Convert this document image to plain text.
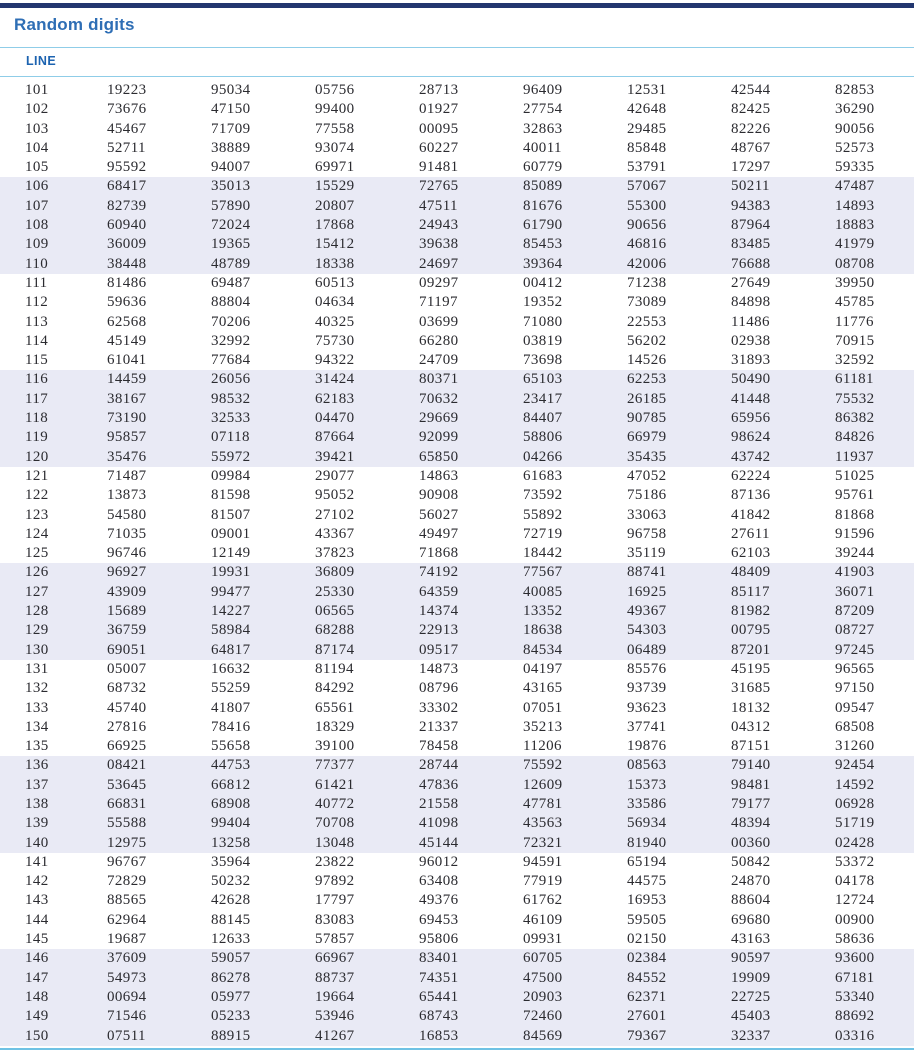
Random digits
LINE
101	19223	95034	05756	28713	96409	12531	42544	82853
102	73676	47150	99400	01927	27754	42648	82425	36290
103	45467	71709	77558	00095	32863	29485	82226	90056
104	52711	38889	93074	60227	40011	85848	48767	52573
105	95592	94007	69971	91481	60779	53791	17297	59335
106	68417	35013	15529	72765	85089	57067	50211	47487
107	82739	57890	20807	47511	81676	55300	94383	14893
108	60940	72024	17868	24943	61790	90656	87964	18883
109	36009	19365	15412	39638	85453	46816	83485	41979
110	38448	48789	18338	24697	39364	42006	76688	08708
111	81486	69487	60513	09297	00412	71238	27649	39950
112	59636	88804	04634	71197	19352	73089	84898	45785
113	62568	70206	40325	03699	71080	22553	11486	11776
114	45149	32992	75730	66280	03819	56202	02938	70915
115	61041	77684	94322	24709	73698	14526	31893	32592
116	14459	26056	31424	80371	65103	62253	50490	61181
117	38167	98532	62183	70632	23417	26185	41448	75532
118	73190	32533	04470	29669	84407	90785	65956	86382
119	95857	07118	87664	92099	58806	66979	98624	84826
120	35476	55972	39421	65850	04266	35435	43742	11937
121	71487	09984	29077	14863	61683	47052	62224	51025
122	13873	81598	95052	90908	73592	75186	87136	95761
123	54580	81507	27102	56027	55892	33063	41842	81868
124	71035	09001	43367	49497	72719	96758	27611	91596
125	96746	12149	37823	71868	18442	35119	62103	39244
126	96927	19931	36809	74192	77567	88741	48409	41903
127	43909	99477	25330	64359	40085	16925	85117	36071
128	15689	14227	06565	14374	13352	49367	81982	87209
129	36759	58984	68288	22913	18638	54303	00795	08727
130	69051	64817	87174	09517	84534	06489	87201	97245
131	05007	16632	81194	14873	04197	85576	45195	96565
132	68732	55259	84292	08796	43165	93739	31685	97150
133	45740	41807	65561	33302	07051	93623	18132	09547
134	27816	78416	18329	21337	35213	37741	04312	68508
135	66925	55658	39100	78458	11206	19876	87151	31260
136	08421	44753	77377	28744	75592	08563	79140	92454
137	53645	66812	61421	47836	12609	15373	98481	14592
138	66831	68908	40772	21558	47781	33586	79177	06928
139	55588	99404	70708	41098	43563	56934	48394	51719
140	12975	13258	13048	45144	72321	81940	00360	02428
141	96767	35964	23822	96012	94591	65194	50842	53372
142	72829	50232	97892	63408	77919	44575	24870	04178
143	88565	42628	17797	49376	61762	16953	88604	12724
144	62964	88145	83083	69453	46109	59505	69680	00900
145	19687	12633	57857	95806	09931	02150	43163	58636
146	37609	59057	66967	83401	60705	02384	90597	93600
147	54973	86278	88737	74351	47500	84552	19909	67181
148	00694	05977	19664	65441	20903	62371	22725	53340
149	71546	05233	53946	68743	72460	27601	45403	88692
150	07511	88915	41267	16853	84569	79367	32337	03316
